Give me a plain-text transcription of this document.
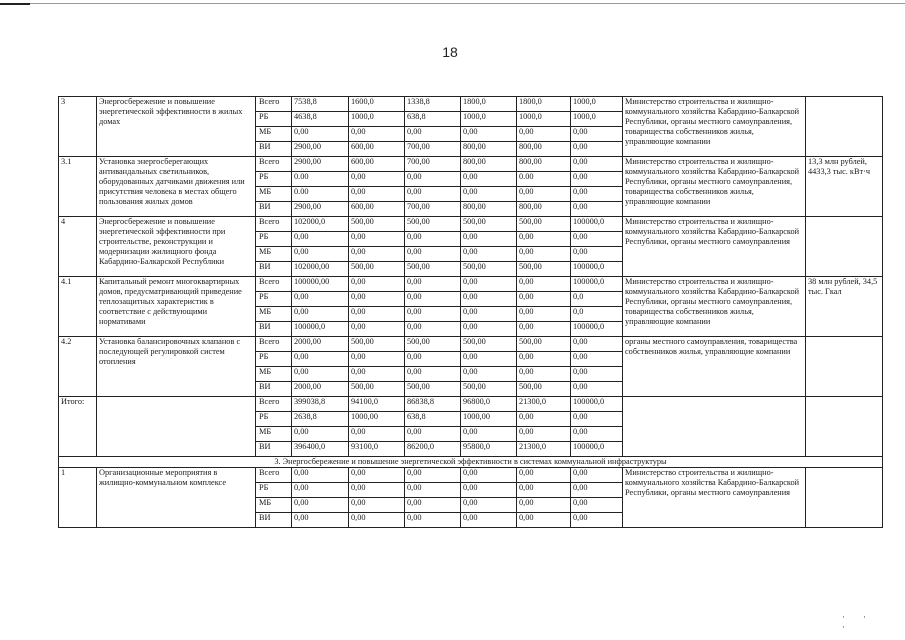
18
3	Энергосбережение и повышение энергетической эффективности в жилых домах	Всего	7538,8	1600,0	1338,8	1800,0	1800,0	1000,0	Министерство строительства и жилищно-коммунального хозяйства Кабардино-Балкарской Республики, органы местного самоуправления, товарищества собственников жилья, управляющие компании	
		РБ	4638,8	1000,0	638,8	1000,0	1000,0	1000,0		
		МБ	0,00	0,00	0,00	0,00	0,00	0,00		
		ВИ	2900,00	600,00	700,00	800,00	800,00	0,00		
3.1	Установка энергосберегающих антивандальных светильников, оборудованных датчиками движения или присутствия человека в местах общего пользования жилых домов	Всего	2900,00	600,00	700,00	800,00	800,00	0,00	Министерство строительства и жилищно-коммунального хозяйства Кабардино-Балкарской Республики, органы местного самоуправления, товарищества собственников жилья, управляющие компании	13,3 млн рублей, 4433,3 тыс. кВт·ч
		РБ	0.00	0,00	0,00	0,00	0.00	0,00		
		МБ	0.00	0,00	0,00	0,00	0,00	0,00		
		ВИ	2900,00	600,00	700,00	800,00	800,00	0,00		
4	Энергосбережение и повышение энергетической эффективности при строительстве, реконструкции и модернизации жилищного фонда Кабардино-Балкарской Республики	Всего	102000,0	500,00	500,00	500,00	500,00	100000,0	Министерство строительства и жилищно-коммунального хозяйства Кабардино-Балкарской Республики, органы местного самоуправления	
		РБ	0,00	0,00	0,00	0,00	0,00	0,00		
		МБ	0,00	0,00	0,00	0,00	0,00	0,00		
		ВИ	102000,00	500,00	500,00	500,00	500,00	100000,0		
4.1	Капитальный ремонт многоквартирных домов, предусматривающий приведение теплозащитных характеристик в соответствие с действующими нормативами	Всего	100000,00	0,00	0,00	0,00	0,00	100000,0	Министерство строительства и жилищно-коммунального хозяйства Кабардино-Балкарской Республики, органы местного самоуправления, товарищества собственников жилья, управляющие компании	38 млн рублей, 34,5 тыс. Гкал
		РБ	0,00	0,00	0,00	0,00	0,00	0,0		
		МБ	0,00	0,00	0,00	0,00	0,00	0,0		
		ВИ	100000,0	0,00	0,00	0,00	0,00	100000,0		
4.2	Установка балансировочных клапанов с последующей регулировкой систем отопления	Всего	2000,00	500,00	500,00	500,00	500,00	0,00	органы местного самоуправления, товарищества собственников жилья, управляющие компании	
		РБ	0,00	0,00	0,00	0,00	0,00	0,00		
		МБ	0,00	0,00	0,00	0,00	0,00	0,00		
		ВИ	2000,00	500,00	500,00	500,00	500,00	0,00		
Итого:		Всего	399038,8	94100,0	86838,8	96800,0	21300,0	100000,0		
		РБ	2638,8	1000,00	638,8	1000,00	0,00	0,00		
		МБ	0,00	0,00	0,00	0,00	0,00	0,00		
		ВИ	396400,0	93100,0	86200,0	95800,0	21300,0	100000,0		
3. Энергосбережение и повышение энергетической эффективности в системах коммунальной инфраструктуры										
1	Организационные мероприятия в жилищно-коммунальном комплексе	Всего	0,00	0,00	0,00	0,00	0,00	0,00	Министерство строительства и жилищно-коммунального хозяйства Кабардино-Балкарской Республики, органы местного самоуправления	
		РБ	0,00	0,00	0,00	0,00	0,00	0,00		
		МБ	0,00	0,00	0,00	0,00	0,00	0,00		
		ВИ	0,00	0,00	0,00	0,00	0,00	0,00		
·· ·
